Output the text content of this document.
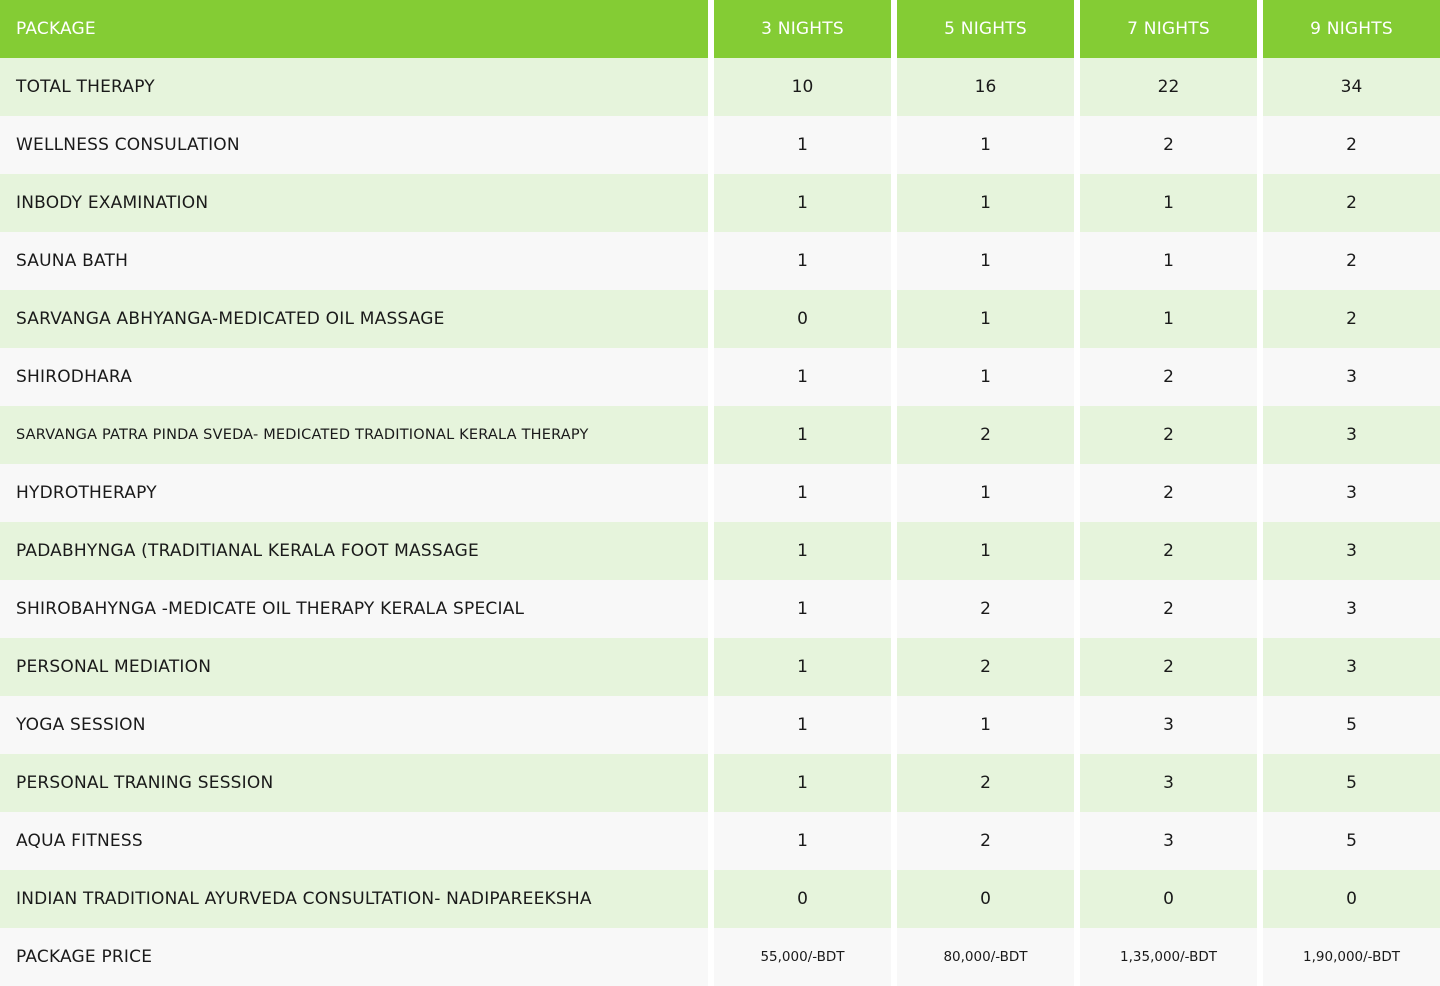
PACKAGE	3 NIGHTS	5 NIGHTS	7 NIGHTS	9 NIGHTS
TOTAL THERAPY	10	16	22	34
WELLNESS CONSULATION	1	1	2	2
INBODY EXAMINATION	1	1	1	2
SAUNA BATH	1	1	1	2
SARVANGA ABHYANGA-MEDICATED OIL MASSAGE	0	1	1	2
SHIRODHARA	1	1	2	3
SARVANGA PATRA PINDA SVEDA- MEDICATED TRADITIONAL KERALA THERAPY	1	2	2	3
HYDROTHERAPY	1	1	2	3
PADABHYNGA (TRADITIANAL KERALA FOOT MASSAGE	1	1	2	3
SHIROBAHYNGA -MEDICATE OIL THERAPY KERALA SPECIAL	1	2	2	3
PERSONAL MEDIATION	1	2	2	3
YOGA SESSION	1	1	3	5
PERSONAL TRANING SESSION	1	2	3	5
AQUA FITNESS	1	2	3	5
INDIAN TRADITIONAL AYURVEDA CONSULTATION- NADIPAREEKSHA	0	0	0	0
PACKAGE PRICE	55,000/-BDT	80,000/-BDT	1,35,000/-BDT	1,90,000/-BDT
